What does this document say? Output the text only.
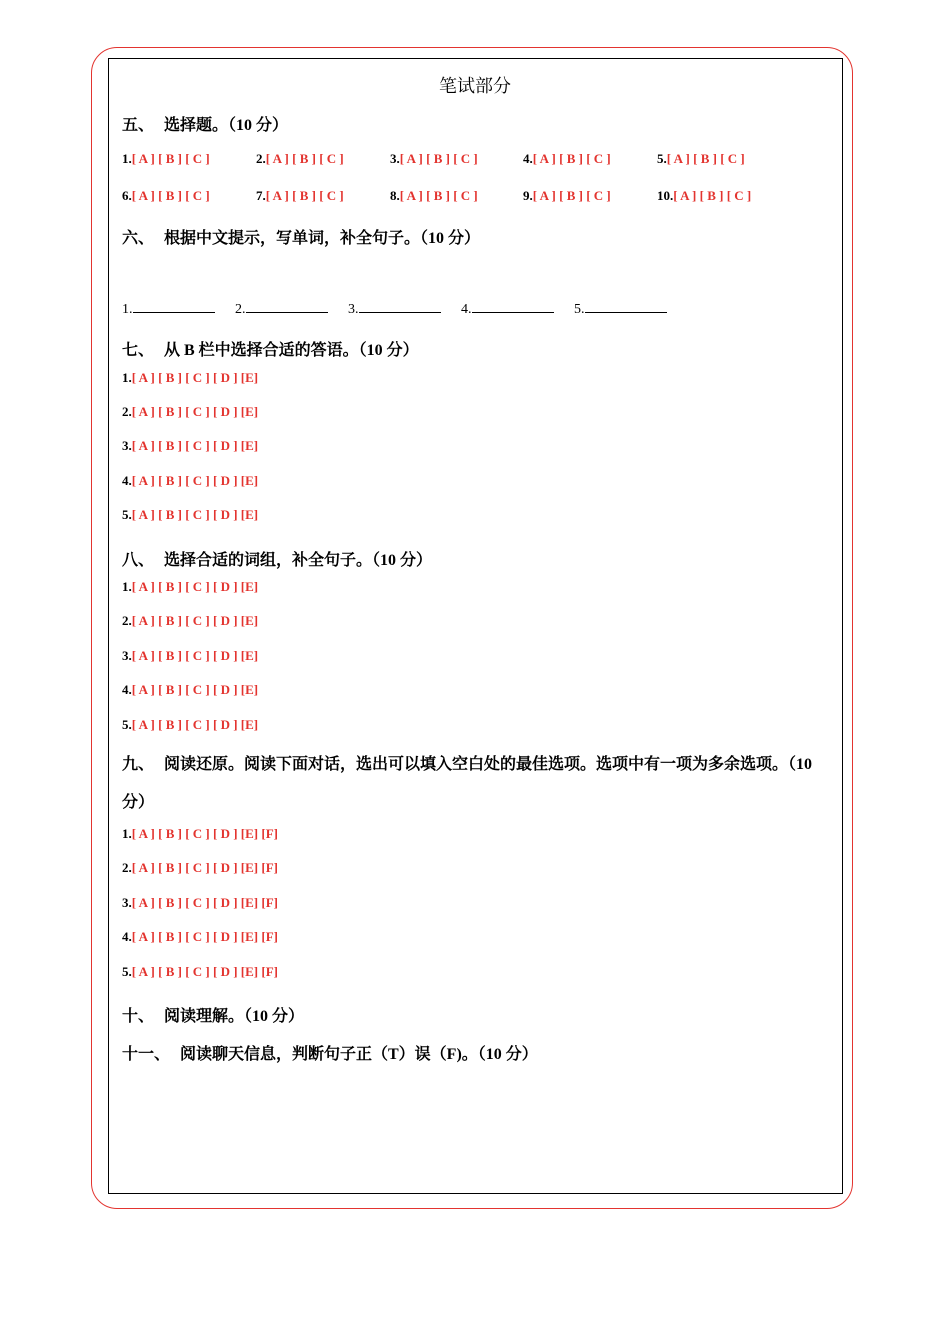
笔试部分
五、 选择题。（10 分）
1.[ A ] [ B ] [ C ]	2.[ A ] [ B ] [ C ]	3.[ A ] [ B ] [ C ]	4.[ A ] [ B ] [ C ]	5.[ A ] [ B ] [ C ]
6.[ A ] [ B ] [ C ]	7.[ A ] [ B ] [ C ]	8.[ A ] [ B ] [ C ]	9.[ A ] [ B ] [ C ]	10.[ A ] [ B ] [ C ]
六、 根据中文提示，写单词，补全句子。（10 分）
1.	2.	3.	4.	5.
七、 从 B 栏中选择合适的答语。（10 分）
1.[ A ] [ B ] [ C ] [ D ] [E]
2.[ A ] [ B ] [ C ] [ D ] [E]
3.[ A ] [ B ] [ C ] [ D ] [E]
4.[ A ] [ B ] [ C ] [ D ] [E]
5.[ A ] [ B ] [ C ] [ D ] [E]
八、 选择合适的词组，补全句子。（10 分）
1.[ A ] [ B ] [ C ] [ D ] [E]
2.[ A ] [ B ] [ C ] [ D ] [E]
3.[ A ] [ B ] [ C ] [ D ] [E]
4.[ A ] [ B ] [ C ] [ D ] [E]
5.[ A ] [ B ] [ C ] [ D ] [E]
九、 阅读还原。阅读下面对话，选出可以填入空白处的最佳选项。选项中有一项为多余选项。（10 分）
1.[ A ] [ B ] [ C ] [ D ] [E] [F]
2.[ A ] [ B ] [ C ] [ D ] [E] [F]
3.[ A ] [ B ] [ C ] [ D ] [E] [F]
4.[ A ] [ B ] [ C ] [ D ] [E] [F]
5.[ A ] [ B ] [ C ] [ D ] [E] [F]
十、 阅读理解。（10 分）
十一、 阅读聊天信息，判断句子正（T）误（F)。（10 分）
